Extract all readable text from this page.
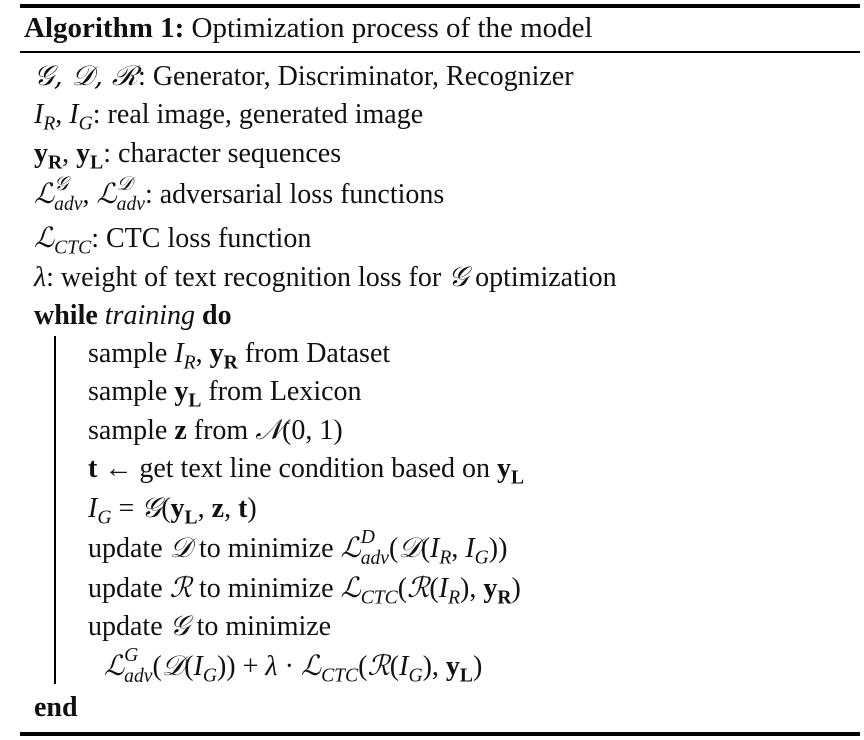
Algorithm 1: Optimization process of the model
𝒢, 𝒟, ℛ: Generator, Discriminator, Recognizer
$I_R$, $I_G$: real image, generated image
$y_R$, $y_L$: character sequences
ℒ 𝒢
adv , ℒ 𝒟
adv : adversarial loss functions
ℒ$_{CTC}$: CTC loss function
λ: weight of text recognition loss for 𝒢 optimization
while training do
sample $I_R$, $y_R$ from Dataset
sample $y_L$ from Lexicon
sample z from 𝒩(0, 1)
t ← get text line condition based on $y_L$
$I_G$ = $𝒢(y_L$, z, t)
update 𝒟 to minimize ℒ D
adv ($𝒟(I_R$, $I_G$))
update ℛ to minimize $ℒ_{CTC}(ℛ(I_R)$, $y_R$)
update 𝒢 to minimize
ℒ G
adv $(𝒟(I_G)) + \lambda$ · $ℒ_{CTC}(ℛ(I_G)$, $y_L$)
end
